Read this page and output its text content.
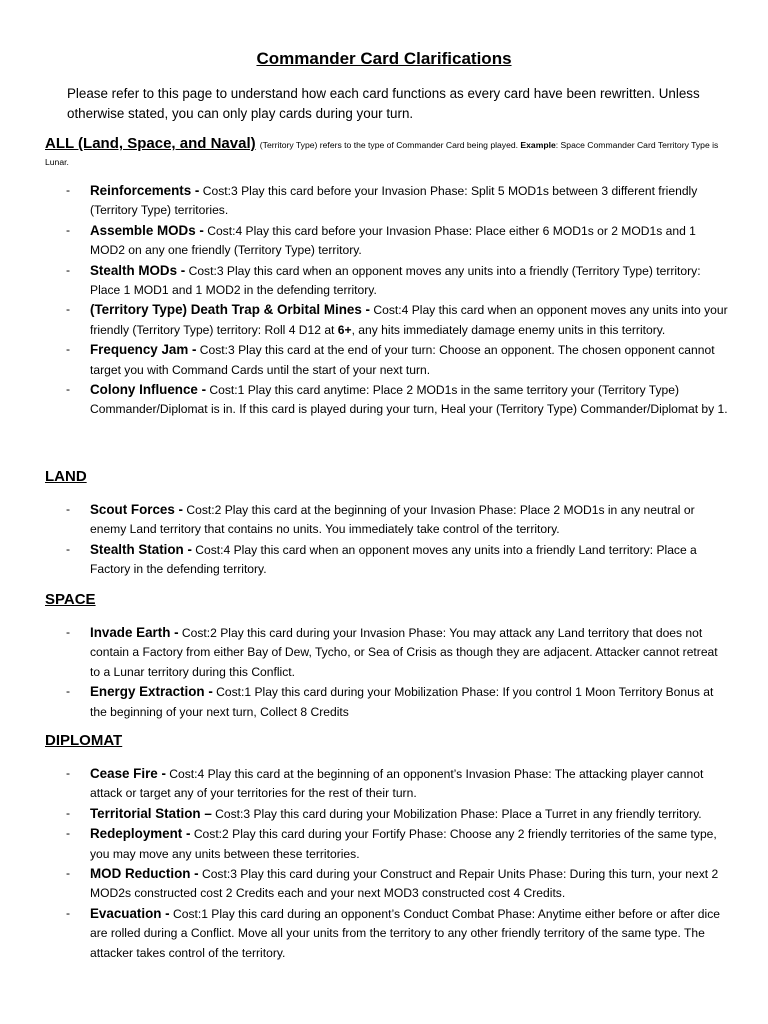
Commander Card Clarifications
Please refer to this page to understand how each card functions as every card have been rewritten. Unless otherwise stated, you can only play cards during your turn.
ALL (Land, Space, and Naval) (Territory Type) refers to the type of Commander Card being played. Example: Space Commander Card Territory Type is Lunar.
- Reinforcements - Cost:3 Play this card before your Invasion Phase: Split 5 MOD1s between 3 different friendly (Territory Type) territories.
- Assemble MODs - Cost:4 Play this card before your Invasion Phase: Place either 6 MOD1s or 2 MOD1s and 1 MOD2 on any one friendly (Territory Type) territory.
- Stealth MODs - Cost:3 Play this card when an opponent moves any units into a friendly (Territory Type) territory: Place 1 MOD1 and 1 MOD2 in the defending territory.
- (Territory Type) Death Trap & Orbital Mines - Cost:4 Play this card when an opponent moves any units into your friendly (Territory Type) territory: Roll 4 D12 at 6+, any hits immediately damage enemy units in this territory.
- Frequency Jam - Cost:3 Play this card at the end of your turn: Choose an opponent. The chosen opponent cannot target you with Command Cards until the start of your next turn.
- Colony Influence - Cost:1 Play this card anytime: Place 2 MOD1s in the same territory your (Territory Type) Commander/Diplomat is in. If this card is played during your turn, Heal your (Territory Type) Commander/Diplomat by 1.
LAND
- Scout Forces - Cost:2 Play this card at the beginning of your Invasion Phase: Place 2 MOD1s in any neutral or enemy Land territory that contains no units. You immediately take control of the territory.
- Stealth Station - Cost:4 Play this card when an opponent moves any units into a friendly Land territory: Place a Factory in the defending territory.
SPACE
- Invade Earth - Cost:2 Play this card during your Invasion Phase: You may attack any Land territory that does not contain a Factory from either Bay of Dew, Tycho, or Sea of Crisis as though they are adjacent. Attacker cannot retreat to a Lunar territory during this Conflict.
- Energy Extraction - Cost:1 Play this card during your Mobilization Phase: If you control 1 Moon Territory Bonus at the beginning of your next turn, Collect 8 Credits
DIPLOMAT
- Cease Fire - Cost:4 Play this card at the beginning of an opponent’s Invasion Phase: The attacking player cannot attack or target any of your territories for the rest of their turn.
- Territorial Station – Cost:3 Play this card during your Mobilization Phase: Place a Turret in any friendly territory.
- Redeployment - Cost:2 Play this card during your Fortify Phase: Choose any 2 friendly territories of the same type, you may move any units between these territories.
- MOD Reduction - Cost:3 Play this card during your Construct and Repair Units Phase: During this turn, your next 2 MOD2s constructed cost 2 Credits each and your next MOD3 constructed cost 4 Credits.
- Evacuation - Cost:1 Play this card during an opponent’s Conduct Combat Phase: Anytime either before or after dice are rolled during a Conflict. Move all your units from the territory to any other friendly territory of the same type. The attacker takes control of the territory.
